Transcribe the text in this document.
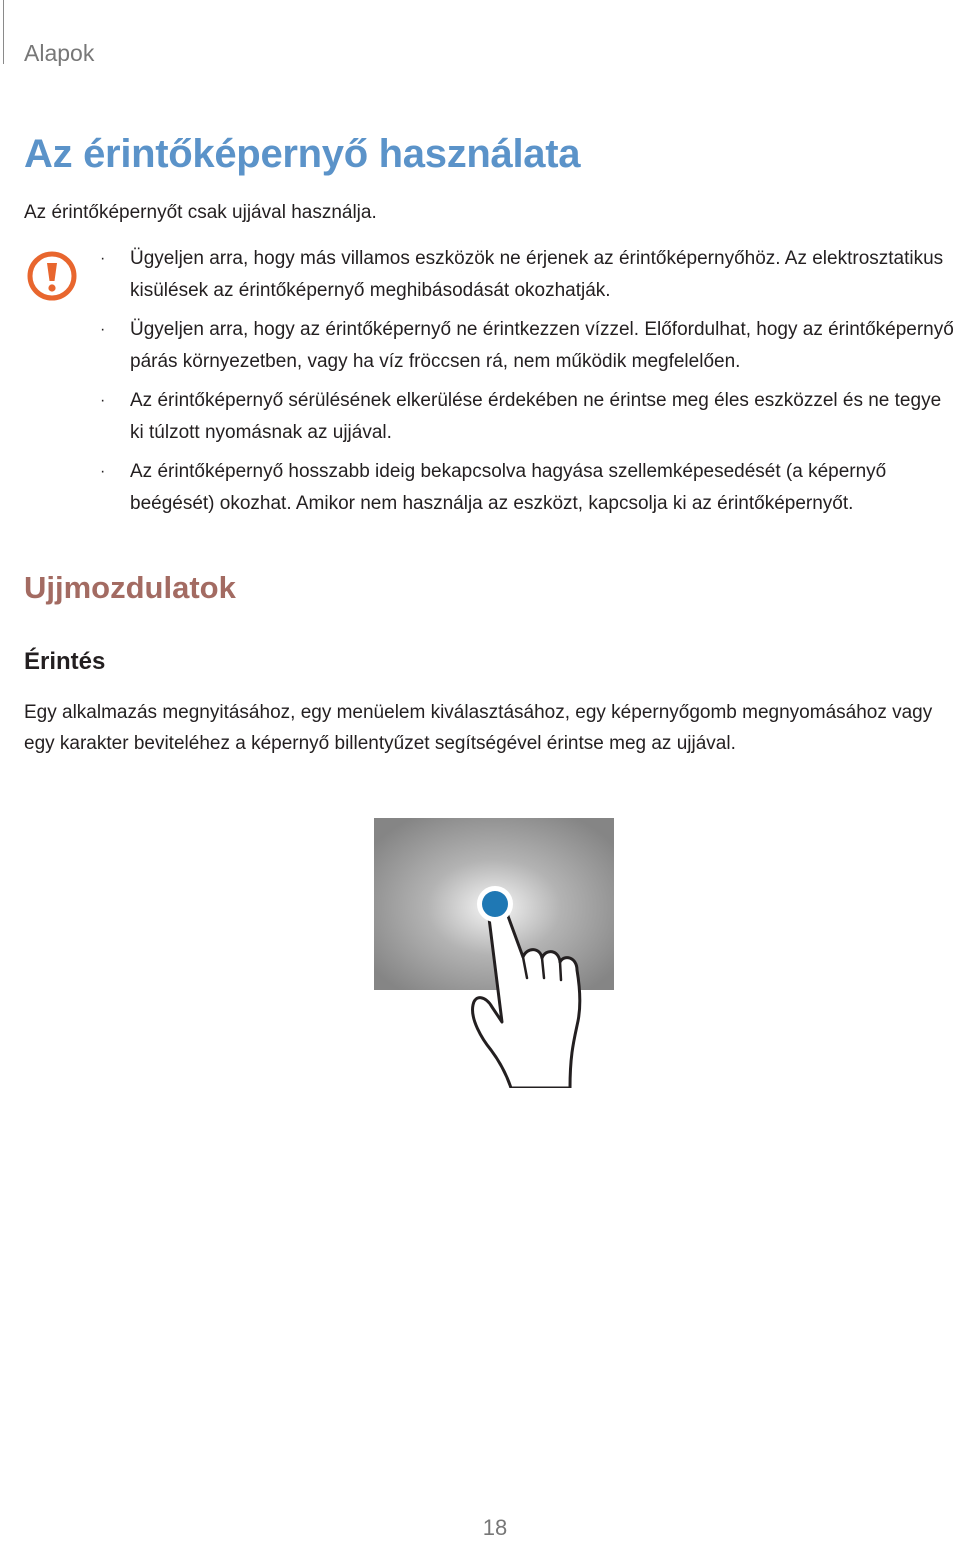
Alapok
Az érintőképernyő használata

Az érintőképernyőt csak ujjával használja.

· Ügyeljen arra, hogy más villamos eszközök ne érjenek az érintőképernyőhöz. Az elektrosztatikus kisülések az érintőképernyő meghibásodását okozhatják.
· Ügyeljen arra, hogy az érintőképernyő ne érintkezzen vízzel. Előfordulhat, hogy az érintőképernyő párás környezetben, vagy ha víz fröccsen rá, nem működik megfelelően.
· Az érintőképernyő sérülésének elkerülése érdekében ne érintse meg éles eszközzel és ne tegye ki túlzott nyomásnak az ujjával.
· Az érintőképernyő hosszabb ideig bekapcsolva hagyása szellemképesedését (a képernyő beégését) okozhat. Amikor nem használja az eszközt, kapcsolja ki az érintőképernyőt.
Ujjmozdulatok
Érintés

Egy alkalmazás megnyitásához, egy menüelem kiválasztásához, egy képernyőgomb megnyomásához vagy egy karakter beviteléhez a képernyő billentyűzet segítségével érintse meg az ujjával.

18
